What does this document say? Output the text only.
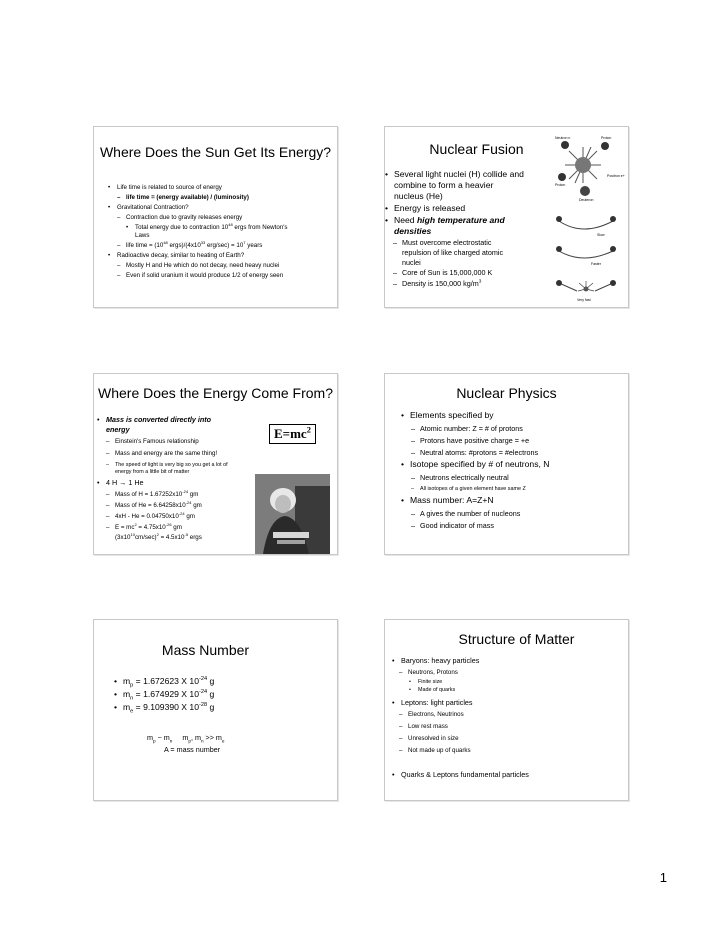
Where Does the Sun Get Its Energy?
• Life time is related to source of energy
– life time = (energy available) / (luminosity)
• Gravitational Contraction?
– Contraction due to gravity releases energy
• Total energy due to contraction $10^{48}$ ergs from Newton's
Laws
– life time = ($10^{48}$ $ergs)/(4x10^{33}$ $erg/\sec) = 10^7$ years
• Radioactive decay, similar to heating of Earth?
– Mostly H and He which do not decay, need heavy nuclei
– Even if solid uranium it would produce 1/2 of energy seen
Nuclear Fusion
• Several light nuclei (H) collide and
combine to form a heavier
nucleus (He)
• Energy is released
• Need high temperature and
densities
– Must overcome electrostatic
repulsion of like charged atomic
nuclei
– Core of Sun is 15,000,000 K
– Density is 150,000 $kg/m^3$
Neutron n	Proton
Positron e+
Proton
Deuteron
Slow
Faster
Very fast
Where Does the Energy Come From?
• Mass is converted directly into
energy	$E=mc^2$
– Einstein's Famous relationship
– Mass and energy are the same thing!
– The speed of light is very big so you get a lot of
energy from a little bit of matter
• 4 H → 1 He
– Mass of $H = 1.67252x10^{-24}$ gm
– Mass of $He = 6.64258x10^{-24}$ gm
– $4xH - He = 0.04750x10^{-24}$ gm
– $E = mc^2 = 4.75x10^{-26}$ gm
$(3x10^{10}cm/\sec)^2 = 4.5x10^{-5}$ ergs
Nuclear Physics
• Elements specified by
– Atomic number: Z = # of protons
– Protons have positive charge = +e
– Neutral atoms: #protons = #electrons
• Isotope specified by # of neutrons, N
– Neutrons electrically neutral
– All isotopes of a given element have same Z
• Mass number: A=Z+N
– A gives the number of nucleons
– Good indicator of mass
Mass Number
• $m_p = 1.672623$ X $10^{-24}$ g
• $m_n = 1.674929$ X $10^{-24}$ g
• $m_e = 9.109390$ X $10^{-28}$ g
$m_p$ ~ $m_n$     $m_p$, $m_n >> m_e$
A = mass number
Structure of Matter
• Baryons: heavy particles
– Neutrons, Protons
• Finite size
• Made of quarks
• Leptons: light particles
– Electrons, Neutrinos
– Low rest mass
– Unresolved in size
– Not made up of quarks
• Quarks & Leptons fundamental particles
1
